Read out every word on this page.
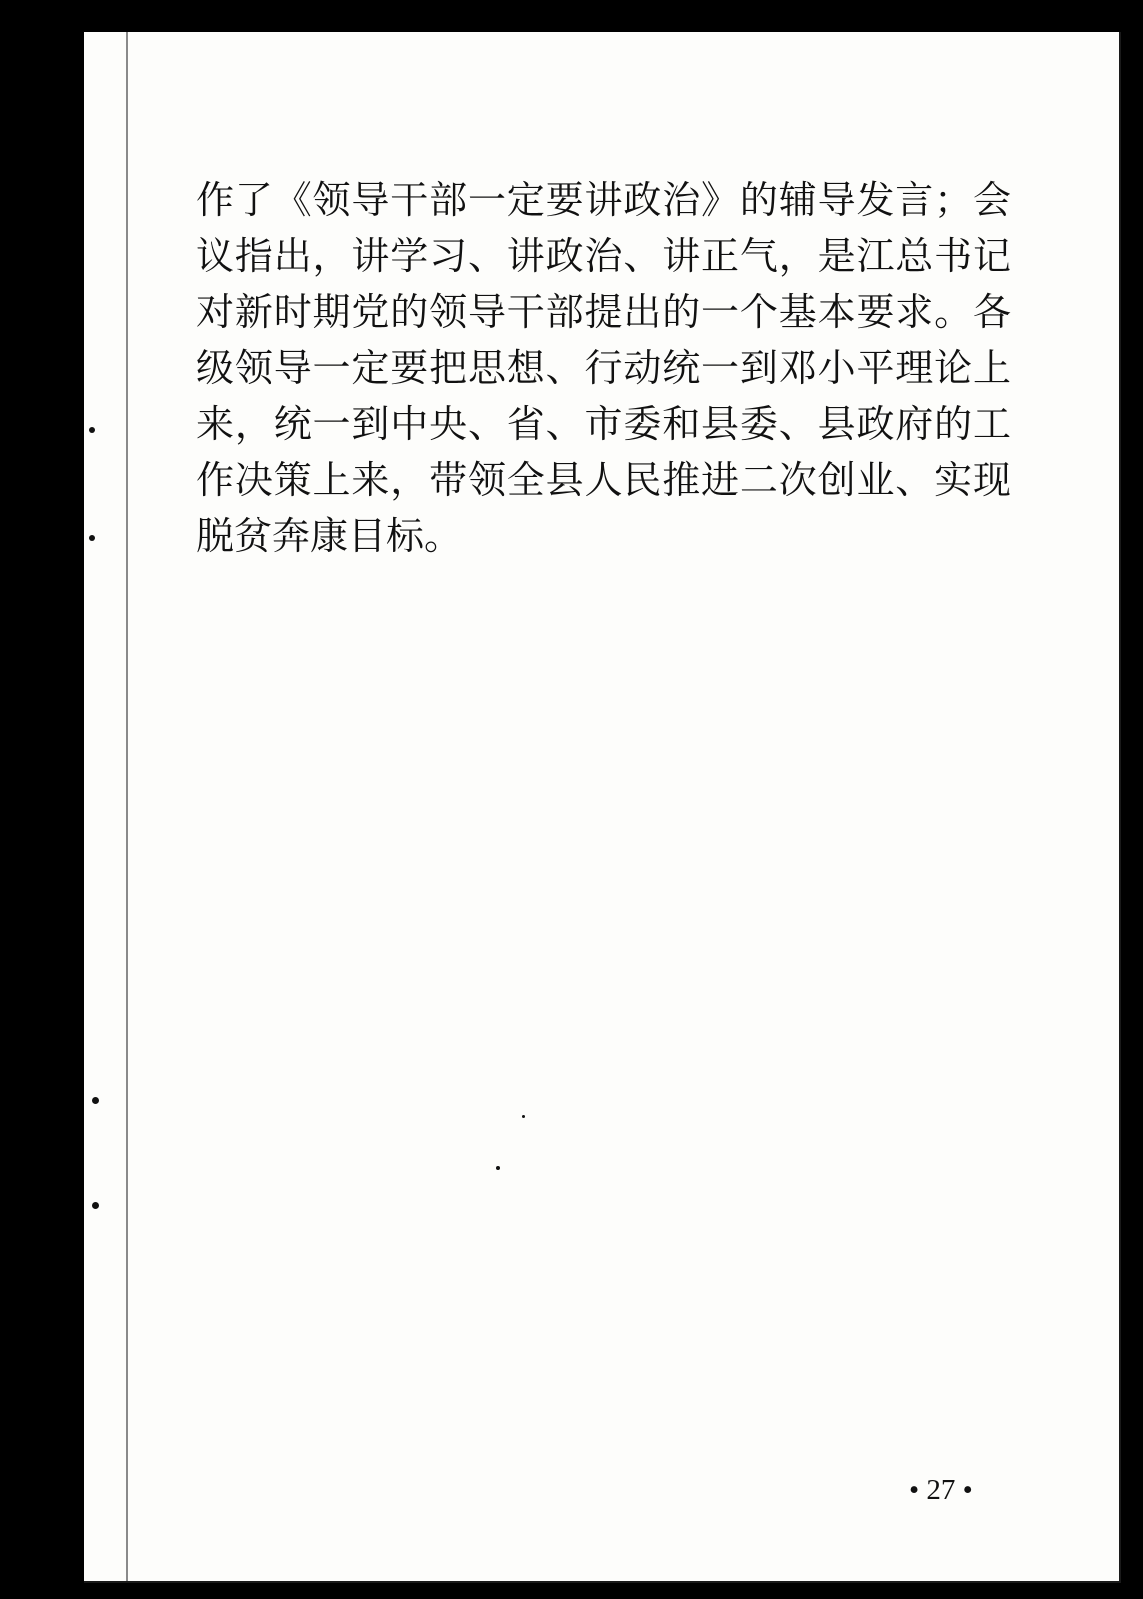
作了《领导干部一定要讲政治》的辅导发言；会议指出，讲学习、讲政治、讲正气，是江总书记对新时期党的领导干部提出的一个基本要求。各级领导一定要把思想、行动统一到邓小平理论上来，统一到中央、省、市委和县委、县政府的工作决策上来，带领全县人民推进二次创业、实现脱贫奔康目标。

• 27 •
